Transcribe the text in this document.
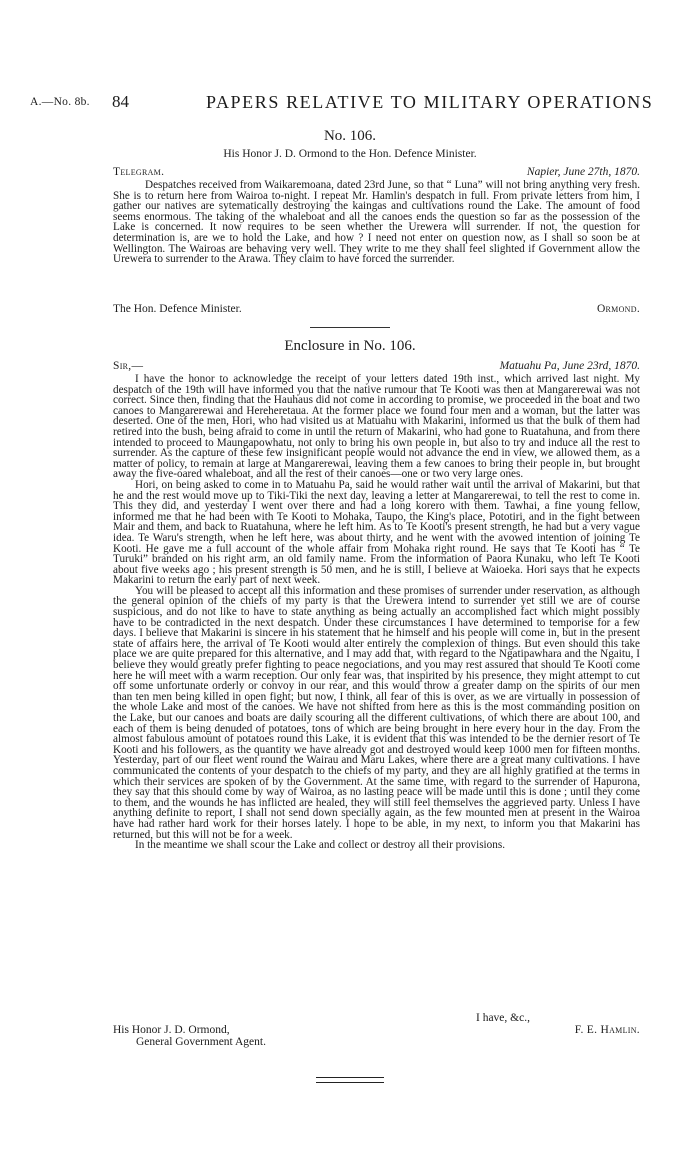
A.—No. 8b. 84	PAPERS RELATIVE TO MILITARY OPERATIONS
No. 106.
His Honor J. D. Ormond to the Hon. Defence Minister.
Telegram.	Napier, June 27th, 1870.

Despatches received from Waikaremoana, dated 23rd June, so that “ Luna” will not bring anything very fresh. She is to return here from Wairoa to-night. I repeat Mr. Hamlin's despatch in full. From private letters from him, I gather our natives are sytematically destroying the kaingas and cultivations round the Lake. The amount of food seems enormous. The taking of the whaleboat and all the canoes ends the question so far as the possession of the Lake is concerned. It now requires to be seen whether the Urewera will surrender. If not, the question for determination is, are we to hold the Lake, and how ? I need not enter on question now, as I shall so soon be at Wellington. The Wairoas are behaving very well. They write to me they shall feel slighted if Government allow the Urewera to surrender to the Arawa. They claim to have forced the surrender.

The Hon. Defence Minister.	Ormond.
Enclosure in No. 106.
Sir,—	Matuahu Pa, June 23rd, 1870.

I have the honor to acknowledge the receipt of your letters dated 19th inst., which arrived last night. My despatch of the 19th will have informed you that the native rumour that Te Kooti was then at Mangarerewai was not correct. Since then, finding that the Hauhaus did not come in according to promise, we proceeded in the boat and two canoes to Mangarerewai and Hereheretaua. At the former place we found four men and a woman, but the latter was deserted. One of the men, Hori, who had visited us at Matuahu with Makarini, informed us that the bulk of them had retired into the bush, being afraid to come in until the return of Makarini, who had gone to Ruatahuna, and from there intended to proceed to Maungapowhatu, not only to bring his own people in, but also to try and induce all the rest to surrender. As the capture of these few insignificant people would not advance the end in view, we allowed them, as a matter of policy, to remain at large at Mangarerewai, leaving them a few canoes to bring their people in, but brought away the five-oared whaleboat, and all the rest of their canoes—one or two very large ones.

Hori, on being asked to come in to Matuahu Pa, said he would rather wait until the arrival of Makarini, but that he and the rest would move up to Tiki-Tiki the next day, leaving a letter at Mangarerewai, to tell the rest to come in. This they did, and yesterday I went over there and had a long korero with them. Tawhai, a fine young fellow, informed me that he had been with Te Kooti to Mohaka, Taupo, the King's place, Pototiri, and in the fight between Mair and them, and back to Ruatahuna, where he left him. As to Te Kooti's present strength, he had but a very vague idea. Te Waru's strength, when he left here, was about thirty, and he went with the avowed intention of joining Te Kooti. He gave me a full account of the whole affair from Mohaka right round. He says that Te Kooti has “ Te Turuki” branded on his right arm, an old family name. From the information of Paora Kunaku, who left Te Kooti about five weeks ago ; his present strength is 50 men, and he is still, I believe at Waioeka. Hori says that he expects Makarini to return the early part of next week.

You will be pleased to accept all this information and these promises of surrender under reservation, as although the general opinion of the chiefs of my party is that the Urewera intend to surrender yet still we are of course suspicious, and do not like to have to state anything as being actually an accomplished fact which might possibly have to be contradicted in the next despatch. Under these circumstances I have determined to temporise for a few days. I believe that Makarini is sincere in his statement that he himself and his people will come in, but in the present state of affairs here, the arrival of Te Kooti would alter entirely the complexion of things. But even should this take place we are quite prepared for this alternative, and I may add that, with regard to the Ngatipawhara and the Ngaitu, I believe they would greatly prefer fighting to peace negociations, and you may rest assured that should Te Kooti come here he will meet with a warm reception. Our only fear was, that inspirited by his presence, they might attempt to cut off some unfortunate orderly or convoy in our rear, and this would throw a greater damp on the spirits of our men than ten men being killed in open fight; but now, I think, all fear of this is over, as we are virtually in possession of the whole Lake and most of the canoes. We have not shifted from here as this is the most commanding position on the Lake, but our canoes and boats are daily scouring all the different cultivations, of which there are about 100, and each of them is being denuded of potatoes, tons of which are being brought in here every hour in the day. From the almost fabulous amount of potatoes round this Lake, it is evident that this was intended to be the dernier resort of Te Kooti and his followers, as the quantity we have already got and destroyed would keep 1000 men for fifteen months. Yesterday, part of our fleet went round the Wairau and Maru Lakes, where there are a great many cultivations. I have communicated the contents of your despatch to the chiefs of my party, and they are all highly gratified at the terms in which their services are spoken of by the Government. At the same time, with regard to the surrender of Hapurona, they say that this should come by way of Wairoa, as no lasting peace will be made until this is done ; until they come to them, and the wounds he has inflicted are healed, they will still feel themselves the aggrieved party. Unless I have anything definite to report, I shall not send down specially again, as the few mounted men at present in the Wairoa have had rather hard work for their horses lately. I hope to be able, in my next, to inform you that Makarini has returned, but this will not be for a week.

In the meantime we shall scour the Lake and collect or destroy all their provisions.

I have, &c.,
His Honor J. D. Ormond,	F. E. Hamlin.
General Government Agent.
